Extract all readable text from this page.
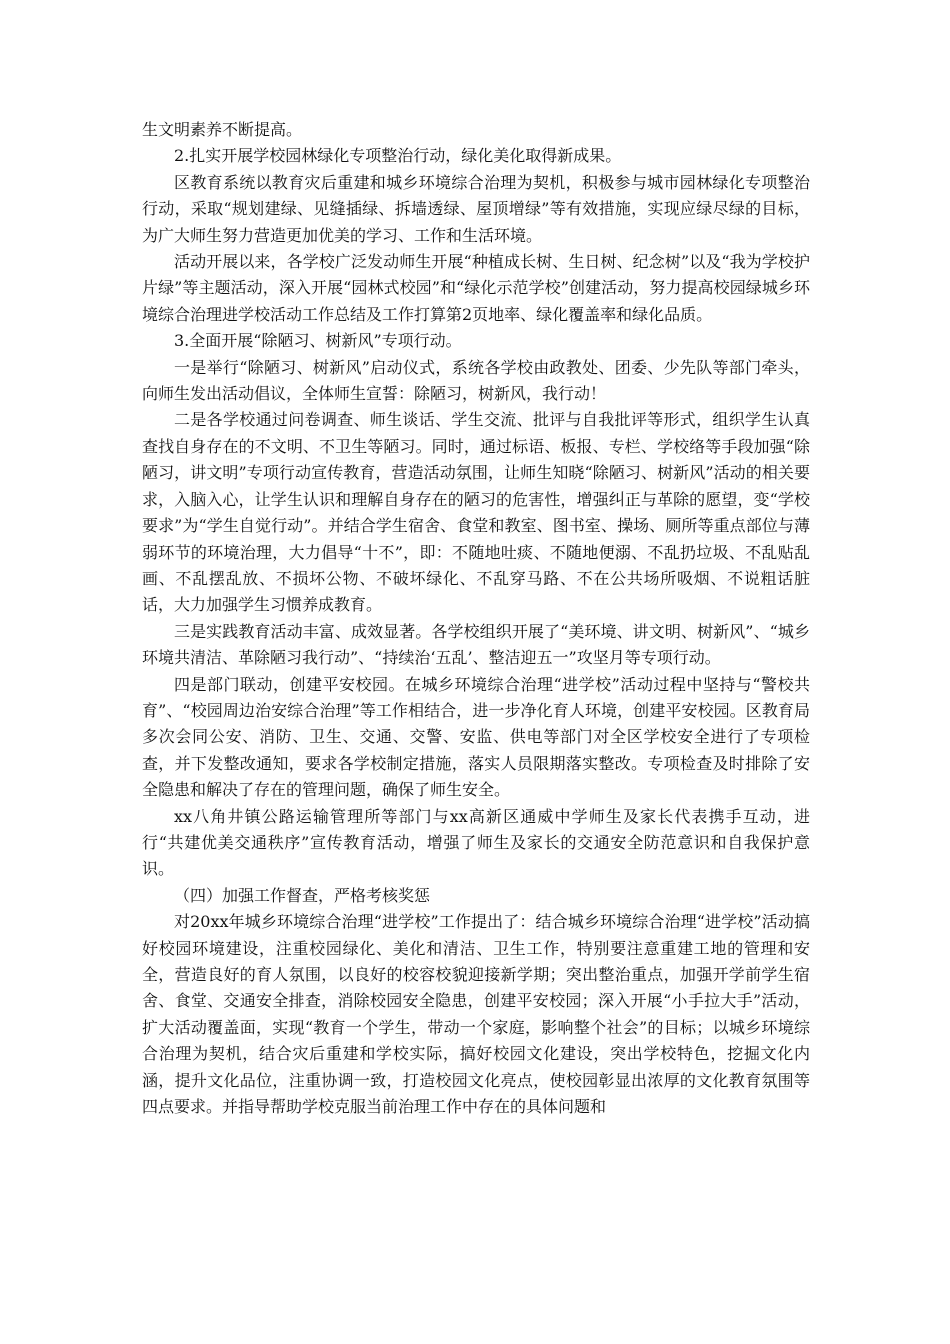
生文明素养不断提高。

2.扎实开展学校园林绿化专项整治行动，绿化美化取得新成果。

区教育系统以教育灾后重建和城乡环境综合治理为契机，积极参与城市园林绿化专项整治行动，采取“规划建绿、见缝插绿、拆墙透绿、屋顶增绿”等有效措施，实现应绿尽绿的目标，为广大师生努力营造更加优美的学习、工作和生活环境。

活动开展以来，各学校广泛发动师生开展“种植成长树、生日树、纪念树”以及“我为学校护片绿”等主题活动，深入开展“园林式校园”和“绿化示范学校”创建活动，努力提高校园绿城乡环境综合治理进学校活动工作总结及工作打算第2页地率、绿化覆盖率和绿化品质。

3.全面开展“除陋习、树新风”专项行动。

一是举行“除陋习、树新风”启动仪式，系统各学校由政教处、团委、少先队等部门牵头，向师生发出活动倡议，全体师生宣誓：除陋习，树新风，我行动！

二是各学校通过问卷调查、师生谈话、学生交流、批评与自我批评等形式，组织学生认真查找自身存在的不文明、不卫生等陋习。同时，通过标语、板报、专栏、学校络等手段加强“除陋习，讲文明”专项行动宣传教育，营造活动氛围，让师生知晓“除陋习、树新风”活动的相关要求，入脑入心，让学生认识和理解自身存在的陋习的危害性，增强纠正与革除的愿望，变“学校要求”为“学生自觉行动”。并结合学生宿舍、食堂和教室、图书室、操场、厕所等重点部位与薄弱环节的环境治理，大力倡导“十不”，即：不随地吐痰、不随地便溺、不乱扔垃圾、不乱贴乱画、不乱摆乱放、不损坏公物、不破坏绿化、不乱穿马路、不在公共场所吸烟、不说粗话脏话，大力加强学生习惯养成教育。

三是实践教育活动丰富、成效显著。各学校组织开展了“美环境、讲文明、树新风”、“城乡环境共清洁、革除陋习我行动”、“持续治‘五乱’、整洁迎五一”攻坚月等专项行动。

四是部门联动，创建平安校园。在城乡环境综合治理“进学校”活动过程中坚持与“警校共育”、“校园周边治安综合治理”等工作相结合，进一步净化育人环境，创建平安校园。区教育局多次会同公安、消防、卫生、交通、交警、安监、供电等部门对全区学校安全进行了专项检查，并下发整改通知，要求各学校制定措施，落实人员限期落实整改。专项检查及时排除了安全隐患和解决了存在的管理问题，确保了师生安全。

xx八角井镇公路运输管理所等部门与xx高新区通威中学师生及家长代表携手互动，进行“共建优美交通秩序”宣传教育活动，增强了师生及家长的交通安全防范意识和自我保护意识。

（四）加强工作督查，严格考核奖惩

对20xx年城乡环境综合治理“进学校”工作提出了：结合城乡环境综合治理“进学校”活动搞好校园环境建设，注重校园绿化、美化和清洁、卫生工作，特别要注意重建工地的管理和安全，营造良好的育人氛围，以良好的校容校貌迎接新学期；突出整治重点，加强开学前学生宿舍、食堂、交通安全排查，消除校园安全隐患，创建平安校园；深入开展“小手拉大手”活动，扩大活动覆盖面，实现“教育一个学生，带动一个家庭，影响整个社会”的目标；以城乡环境综合治理为契机，结合灾后重建和学校实际，搞好校园文化建设，突出学校特色，挖掘文化内涵，提升文化品位，注重协调一致，打造校园文化亮点，使校园彰显出浓厚的文化教育氛围等四点要求。并指导帮助学校克服当前治理工作中存在的具体问题和
